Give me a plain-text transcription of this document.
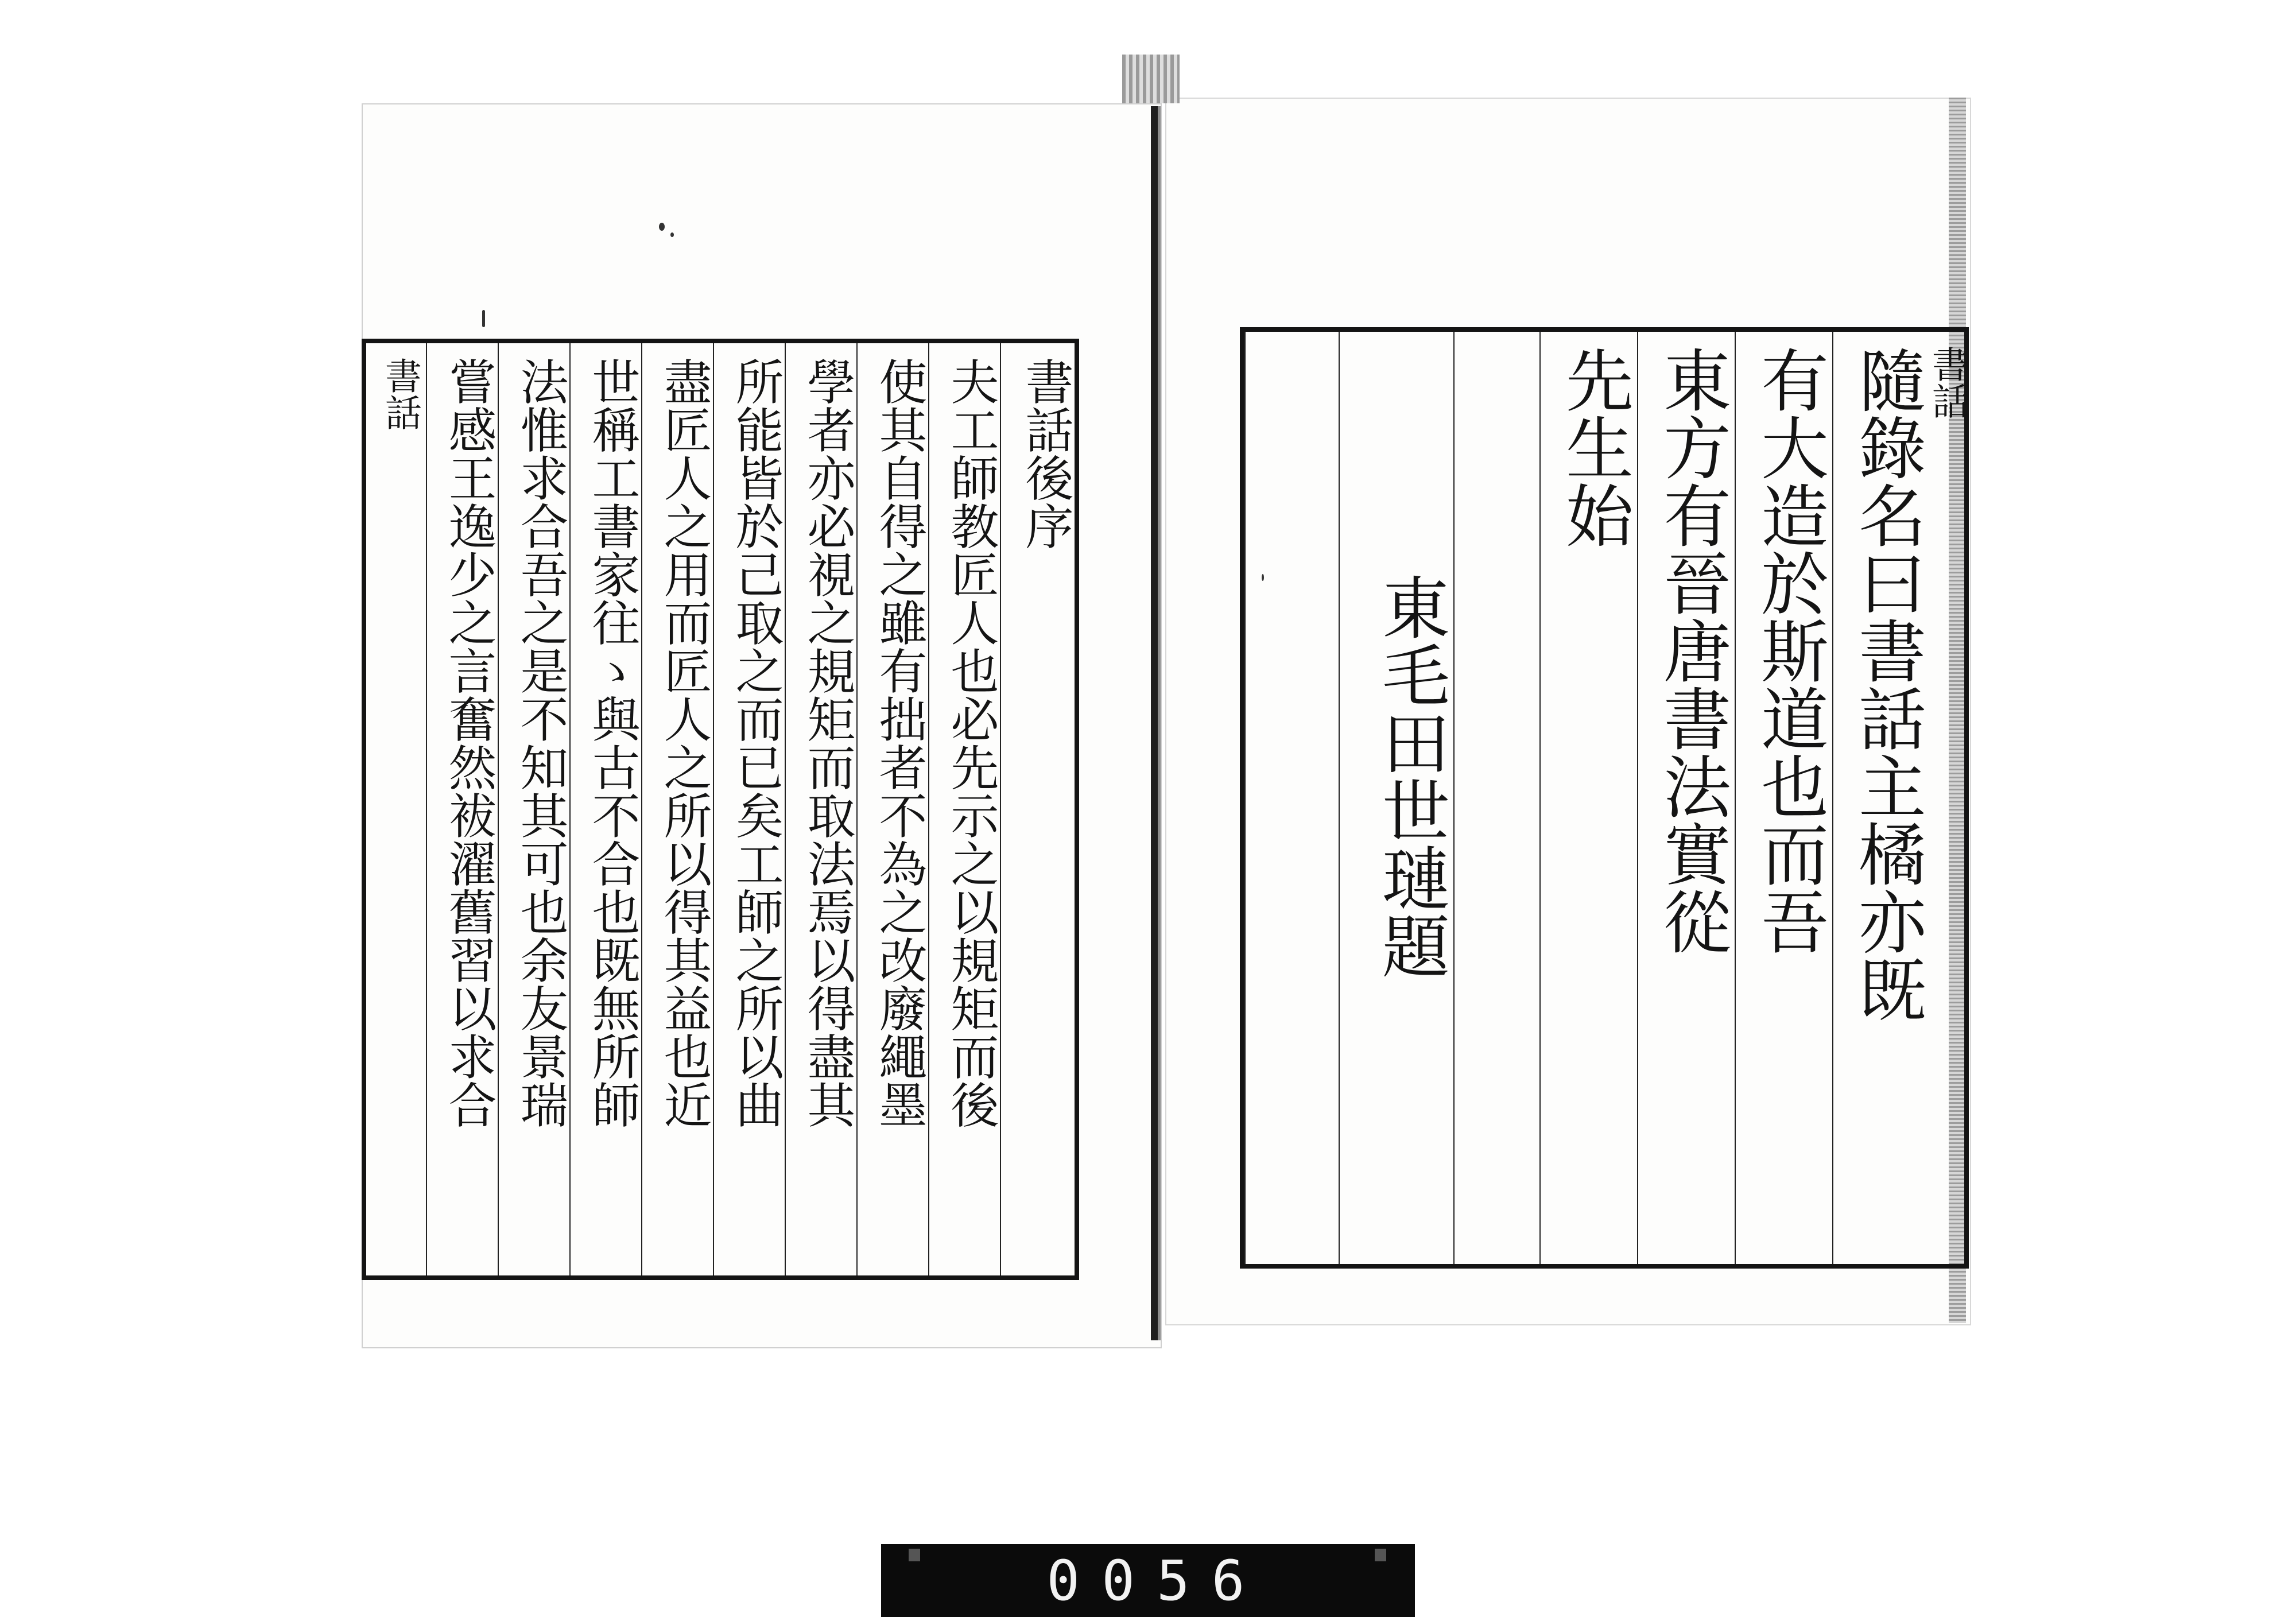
書話後序
夫工師教匠人也必先示之以規矩而後
使其自得之雖有拙者不為之改廢繩墨
學者亦必視之規矩而取法焉以得盡其
所能皆於己取之而已矣工師之所以曲
盡匠人之用而匠人之所以得其益也近
世稱工書家往ゝ與古不合也既無所師
法惟求合吾之是不知其可也余友景瑞
嘗感王逸少之言奮然袚濯舊習以求合
書話	書話
隨錄名曰書話主橘亦既
有大造於斯道也而吾
東方有晉唐書法實從
先生始
東毛田世璉題
0056
